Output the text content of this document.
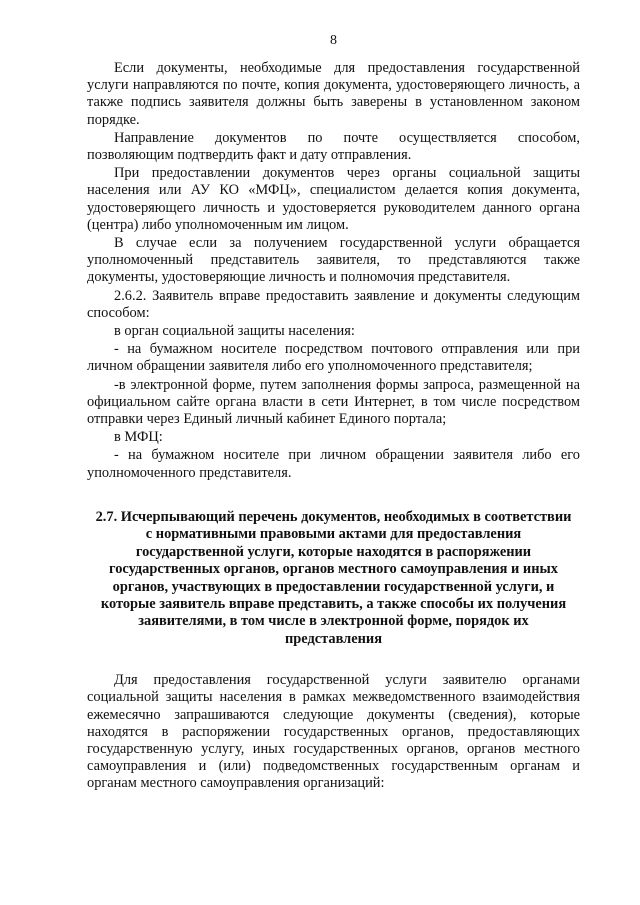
8

Если документы, необходимые для предоставления государственной услуги направляются по почте, копия документа, удостоверяющего личность, а также подпись заявителя должны быть заверены в установленном законом порядке.

Направление документов по почте осуществляется способом, позволяющим подтвердить факт и дату отправления.

При предоставлении документов через органы социальной защиты населения или АУ КО «МФЦ», специалистом делается копия документа, удостоверяющего личность и удостоверяется руководителем данного органа (центра) либо уполномоченным им лицом.

В случае если за получением государственной услуги обращается уполномоченный представитель заявителя, то представляются также документы, удостоверяющие личность и полномочия представителя.

2.6.2. Заявитель вправе предоставить заявление и документы следующим способом:

в орган социальной защиты населения:

- на бумажном носителе посредством почтового отправления или при личном обращении заявителя либо его уполномоченного представителя;

-в электронной форме, путем заполнения формы запроса, размещенной на официальном сайте органа власти в сети Интернет, в том числе посредством отправки через Единый личный кабинет Единого портала;

в МФЦ:

- на бумажном носителе при личном обращении заявителя либо его уполномоченного представителя.

2.7. Исчерпывающий перечень документов, необходимых в соответствии с нормативными правовыми актами для предоставления государственной услуги, которые находятся в распоряжении государственных органов, органов местного самоуправления и иных органов, участвующих в предоставлении государственной услуги, и которые заявитель вправе представить, а также способы их получения заявителями, в том числе в электронной форме, порядок их представления

Для предоставления государственной услуги заявителю органами социальной защиты населения в рамках межведомственного взаимодействия ежемесячно запрашиваются следующие документы (сведения), которые находятся в распоряжении государственных органов, предоставляющих государственную услугу, иных государственных органов, органов местного самоуправления и (или) подведомственных государственным органам и органам местного самоуправления организаций:
